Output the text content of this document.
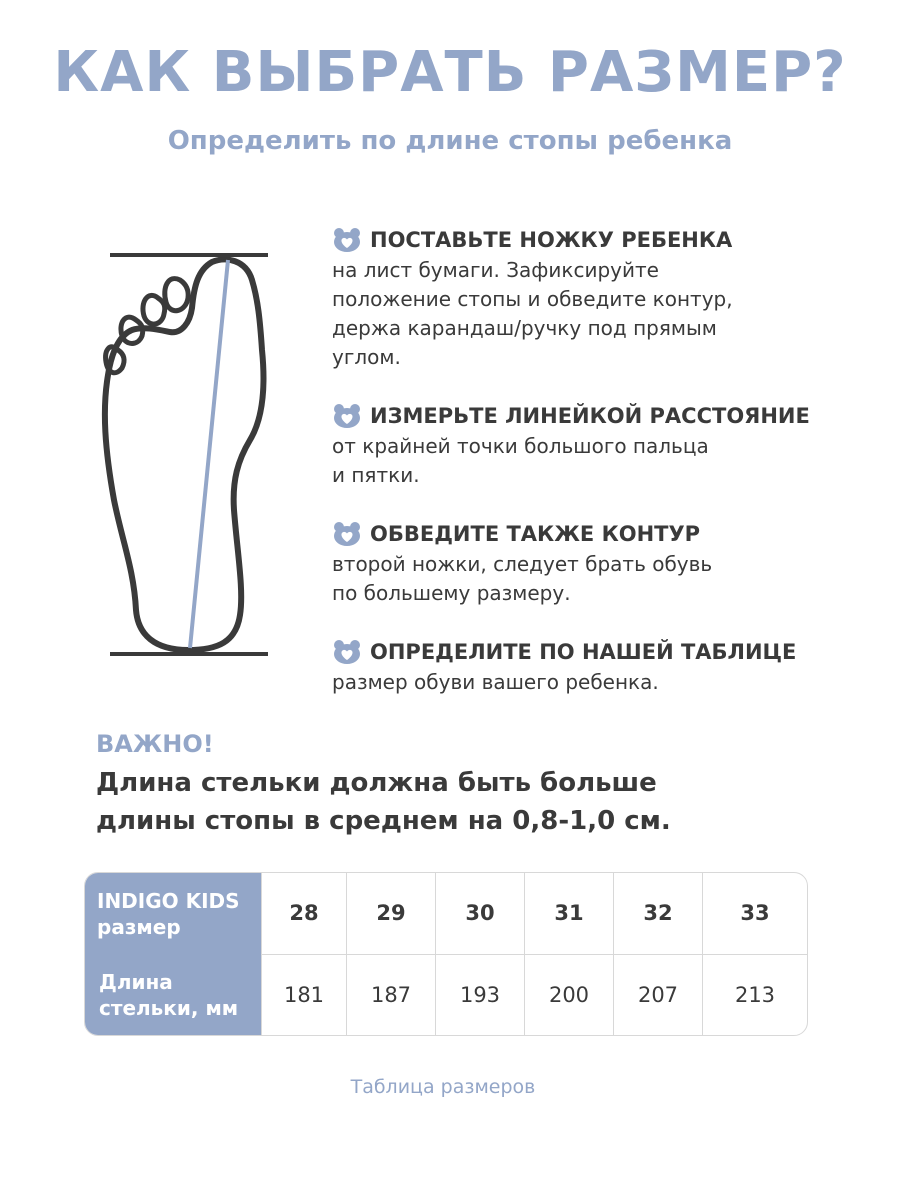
КАК ВЫБРАТЬ РАЗМЕР?
Определить по длине стопы ребенка
ПОСТАВЬТЕ НОЖКУ РЕБЕНКА
на лист бумаги. Зафиксируйте
положение стопы и обведите контур,
держа карандаш/ручку под прямым
углом.
ИЗМЕРЬТЕ ЛИНЕЙКОЙ РАССТОЯНИЕ
от крайней точки большого пальца
и пятки.
ОБВЕДИТЕ ТАКЖЕ КОНТУР
второй ножки, следует брать обувь
по большему размеру.
ОПРЕДЕЛИТЕ ПО НАШЕЙ ТАБЛИЦЕ
размер обуви вашего ребенка.
ВАЖНО!
Длина стельки должна быть больше
длины стопы в среднем на 0,8-1,0 см.
INDIGO KIDS
размер
Длина
стельки, мм
28
181
29
187
30
193
31
200
32
207
33
213
Таблица размеров
